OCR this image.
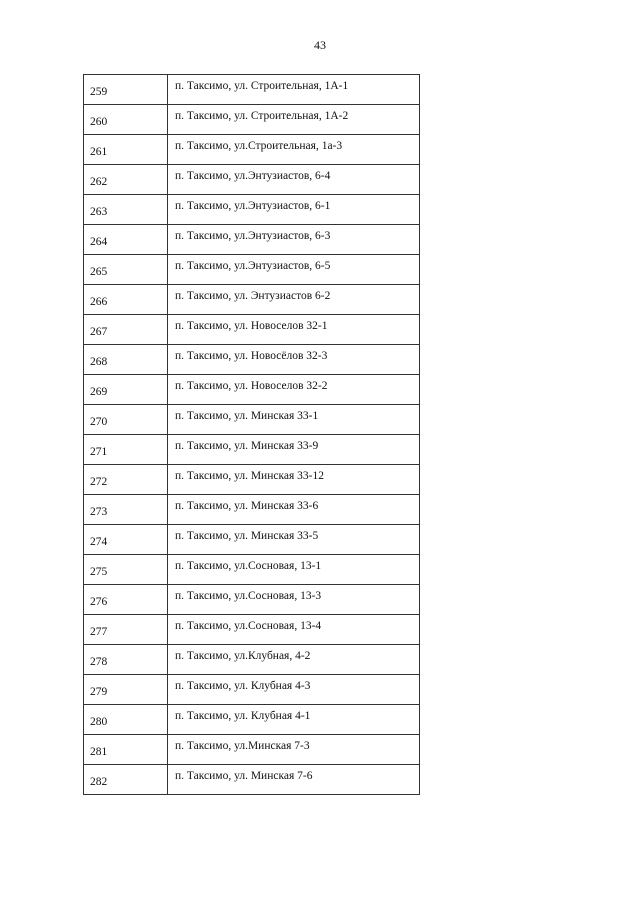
43
259	п. Таксимо, ул. Строительная, 1А-1
260	п. Таксимо, ул. Строительная, 1А-2
261	п. Таксимо, ул.Строительная, 1а-3
262	п. Таксимо, ул.Энтузиастов, 6-4
263	п. Таксимо, ул.Энтузиастов, 6-1
264	п. Таксимо, ул.Энтузиастов, 6-3
265	п. Таксимо, ул.Энтузиастов, 6-5
266	п. Таксимо, ул. Энтузиастов 6-2
267	п. Таксимо, ул. Новоселов 32-1
268	п. Таксимо, ул. Новосёлов 32-3
269	п. Таксимо, ул. Новоселов 32-2
270	п. Таксимо, ул. Минская 33-1
271	п. Таксимо, ул. Минская 33-9
272	п. Таксимо, ул. Минская 33-12
273	п. Таксимо, ул. Минская 33-6
274	п. Таксимо, ул. Минская 33-5
275	п. Таксимо, ул.Сосновая, 13-1
276	п. Таксимо, ул.Сосновая, 13-3
277	п. Таксимо, ул.Сосновая, 13-4
278	п. Таксимо, ул.Клубная, 4-2
279	п. Таксимо, ул. Клубная 4-3
280	п. Таксимо, ул. Клубная 4-1
281	п. Таксимо, ул.Минская 7-3
282	п. Таксимо, ул. Минская 7-6
